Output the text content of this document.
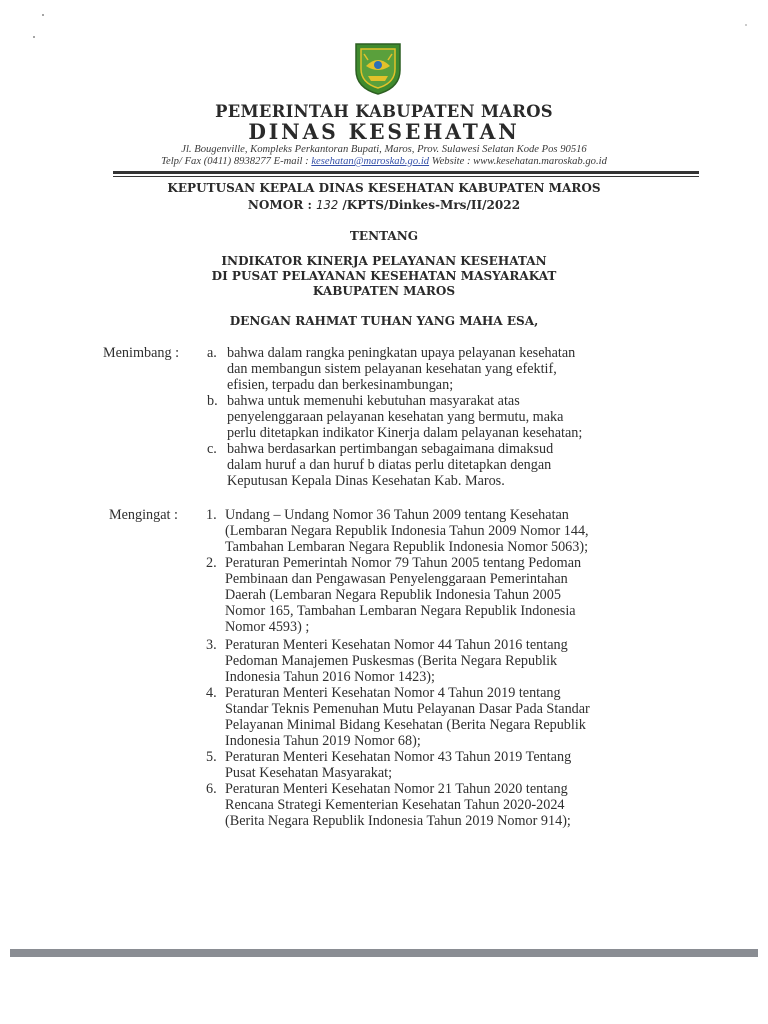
PEMERINTAH KABUPATEN MAROS
DINAS KESEHATAN
Jl. Bougenville, Kompleks Perkantoran Bupati, Maros, Prov. Sulawesi Selatan Kode Pos 90516
Telp/ Fax (0411) 8938277 E-mail : kesehatan@maroskab.go.id Website : www.kesehatan.maroskab.go.id
KEPUTUSAN KEPALA DINAS KESEHATAN KABUPATEN MAROS
NOMOR : 132 /KPTS/Dinkes-Mrs/II/2022
TENTANG
INDIKATOR KINERJA PELAYANAN KESEHATAN
DI PUSAT PELAYANAN KESEHATAN MASYARAKAT
KABUPATEN MAROS
DENGAN RAHMAT TUHAN YANG MAHA ESA,
Menimbang : a.
b.
c.
bahwa dalam rangka peningkatan upaya pelayanan kesehatan
dan membangun sistem pelayanan kesehatan yang efektif,
efisien, terpadu dan berkesinambungan;
bahwa untuk memenuhi kebutuhan masyarakat atas
penyelenggaraan pelayanan kesehatan yang bermutu, maka
perlu ditetapkan indikator Kinerja dalam pelayanan kesehatan;
bahwa berdasarkan pertimbangan sebagaimana dimaksud
dalam huruf a dan huruf b diatas perlu ditetapkan dengan
Keputusan Kepala Dinas Kesehatan Kab. Maros.
Mengingat : 1.
2.
3.
4.
5.
6.
Undang – Undang Nomor 36 Tahun 2009 tentang Kesehatan
(Lembaran Negara Republik Indonesia Tahun 2009 Nomor 144,
Tambahan Lembaran Negara Republik Indonesia Nomor 5063);
Peraturan Pemerintah Nomor 79 Tahun 2005 tentang Pedoman
Pembinaan dan Pengawasan Penyelenggaraan Pemerintahan
Daerah (Lembaran Negara Republik Indonesia Tahun 2005
Nomor 165, Tambahan Lembaran Negara Republik Indonesia
Nomor 4593) ;
Peraturan Menteri Kesehatan Nomor 44 Tahun 2016 tentang
Pedoman Manajemen Puskesmas (Berita Negara Republik
Indonesia Tahun 2016 Nomor 1423);
Peraturan Menteri Kesehatan Nomor 4 Tahun 2019 tentang
Standar Teknis Pemenuhan Mutu Pelayanan Dasar Pada Standar
Pelayanan Minimal Bidang Kesehatan (Berita Negara Republik
Indonesia Tahun 2019 Nomor 68);
Peraturan Menteri Kesehatan Nomor 43 Tahun 2019 Tentang
Pusat Kesehatan Masyarakat;
Peraturan Menteri Kesehatan Nomor 21 Tahun 2020 tentang
Rencana Strategi Kementerian Kesehatan Tahun 2020-2024
(Berita Negara Republik Indonesia Tahun 2019 Nomor 914);
